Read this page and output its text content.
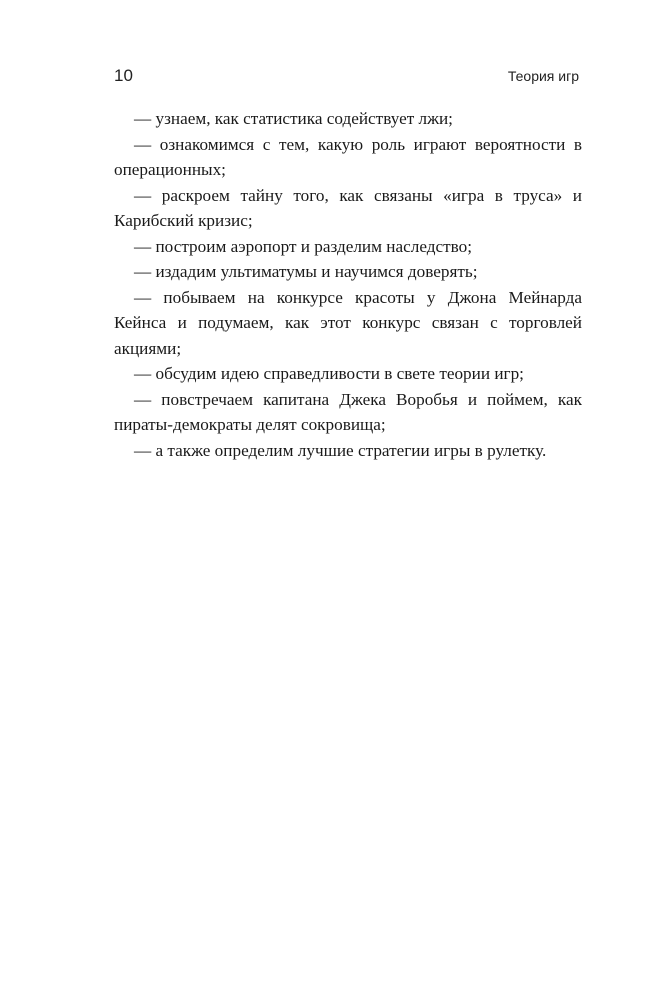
10	Теория игр
— узнаем, как статистика содействует лжи;
— ознакомимся с тем, какую роль играют вероятности в операционных;
— раскроем тайну того, как связаны «игра в труса» и Карибский кризис;
— построим аэропорт и разделим наследство;
— издадим ультиматумы и научимся доверять;
— побываем на конкурсе красоты у Джона Мейнарда Кейнса и подумаем, как этот конкурс связан с торговлей акциями;
— обсудим идею справедливости в свете теории игр;
— повстречаем капитана Джека Воробья и поймем, как пираты-демократы делят сокровища;
— а также определим лучшие стратегии игры в рулетку.
